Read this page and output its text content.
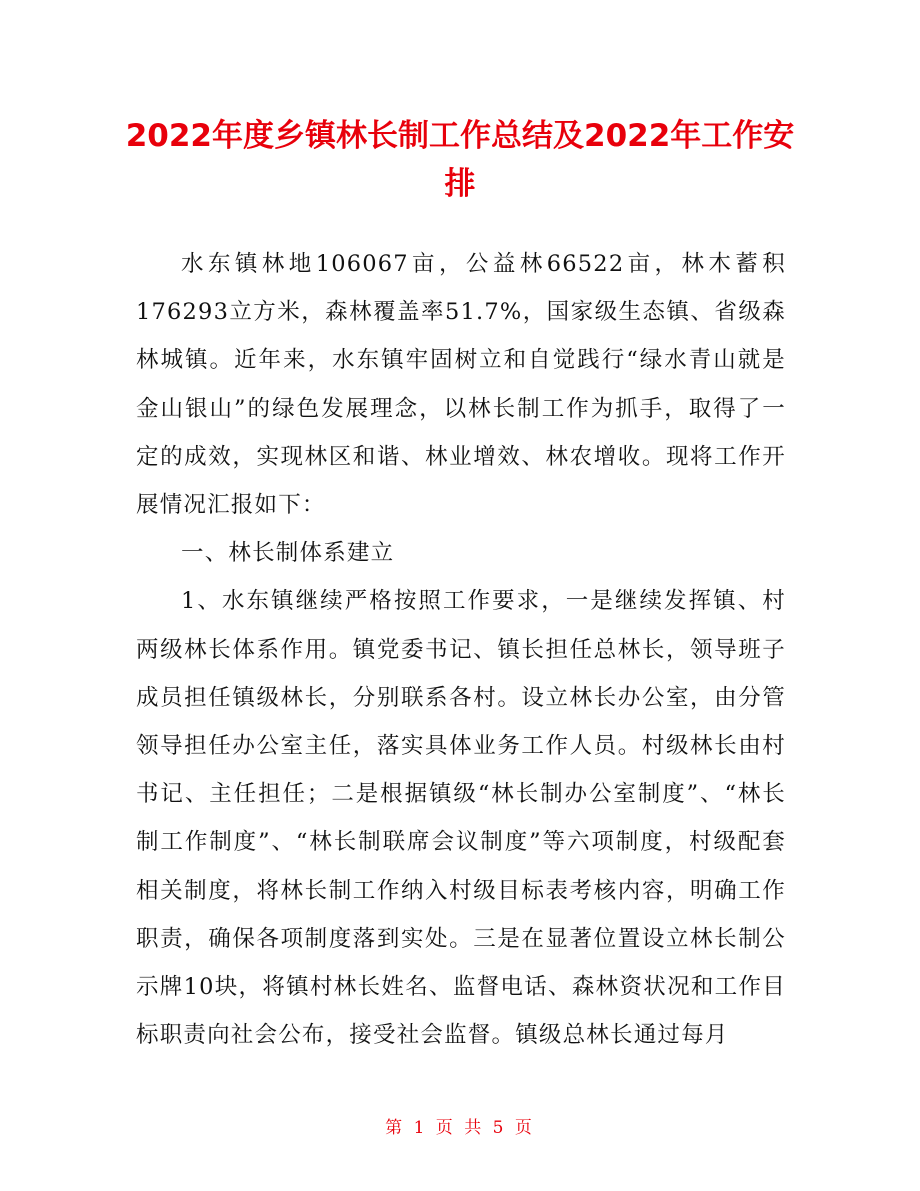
2022年度乡镇林长制工作总结及2022年工作安排

水东镇林地106067亩，公益林66522亩，林木蓄积176293立方米，森林覆盖率51.7%，国家级生态镇、省级森林城镇。近年来，水东镇牢固树立和自觉践行“绿水青山就是金山银山”的绿色发展理念，以林长制工作为抓手，取得了一定的成效，实现林区和谐、林业增效、林农增收。现将工作开展情况汇报如下：

一、林长制体系建立

1、水东镇继续严格按照工作要求，一是继续发挥镇、村两级林长体系作用。镇党委书记、镇长担任总林长，领导班子成员担任镇级林长，分别联系各村。设立林长办公室，由分管领导担任办公室主任，落实具体业务工作人员。村级林长由村书记、主任担任；二是根据镇级“林长制办公室制度”、“林长制工作制度”、“林长制联席会议制度”等六项制度，村级配套相关制度，将林长制工作纳入村级目标表考核内容，明确工作职责，确保各项制度落到实处。三是在显著位置设立林长制公示牌10块，将镇村林长姓名、监督电话、森林资状况和工作目标职责向社会公布，接受社会监督。镇级总林长通过每月

第 1 页 共 5 页
